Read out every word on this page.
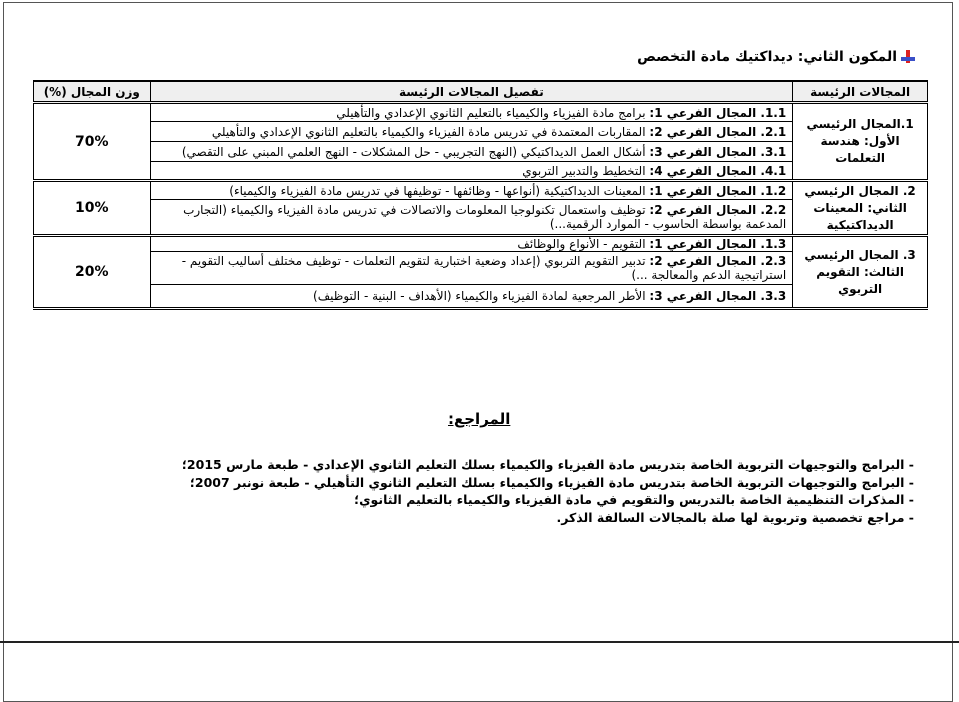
المكون الثاني: ديداكتيك مادة التخصص
المجالات الرئيسة	تفصيل المجالات الرئيسة	وزن المجال (%)
1.المجال الرئيسي الأول: هندسة التعلمات	1.1. المجال الفرعي 1: برامج مادة الفيزياء والكيمياء بالتعليم الثانوي الإعدادي والتأهيلي	70%
	2.1. المجال الفرعي 2: المقاربات المعتمدة في تدريس مادة الفيزياء والكيمياء بالتعليم الثانوي الإعدادي والتأهيلي	
	3.1. المجال الفرعي 3: أشكال العمل الديداكتيكي (النهج التجريبي - حل المشكلات - النهج العلمي المبني على التقصي)	
	4.1. المجال الفرعي 4: التخطيط والتدبير التربوي	
2. المجال الرئيسي الثاني: المعينات الديداكتيكية	1.2. المجال الفرعي 1: المعينات الديداكتيكية (أنواعها - وظائفها - توظيفها في تدريس مادة الفيزياء والكيمياء)	10%
	2.2. المجال الفرعي 2: توظيف واستعمال تكنولوجيا المعلومات والاتصالات في تدريس مادة الفيزياء والكيمياء (التجارب المدعمة بواسطة الحاسوب - الموارد الرقمية...)	
3. المجال الرئيسي الثالث: التقويم التربوي	1.3. المجال الفرعي 1: التقويم - الأنواع والوظائف	20%
	2.3. المجال الفرعي 2: تدبير التقويم التربوي (إعداد وضعية اختبارية لتقويم التعلمات - توظيف مختلف أساليب التقويم - استراتيجية الدعم والمعالجة ...)	
	3.3. المجال الفرعي 3: الأطر المرجعية لمادة الفيزياء والكيمياء (الأهداف - البنية - التوظيف)	
المراجع:
- البرامج والتوجيهات التربوية الخاصة بتدريس مادة الفيزياء والكيمياء بسلك التعليم الثانوي الإعدادي - طبعة مارس 2015؛
- البرامج والتوجيهات التربوية الخاصة بتدريس مادة الفيزياء والكيمياء بسلك التعليم الثانوي التأهيلي - طبعة نونبر 2007؛
- المذكرات التنظيمية الخاصة بالتدريس والتقويم في مادة الفيزياء والكيمياء بالتعليم الثانوي؛
- مراجع تخصصية وتربوية لها صلة بالمجالات السالفة الذكر.
